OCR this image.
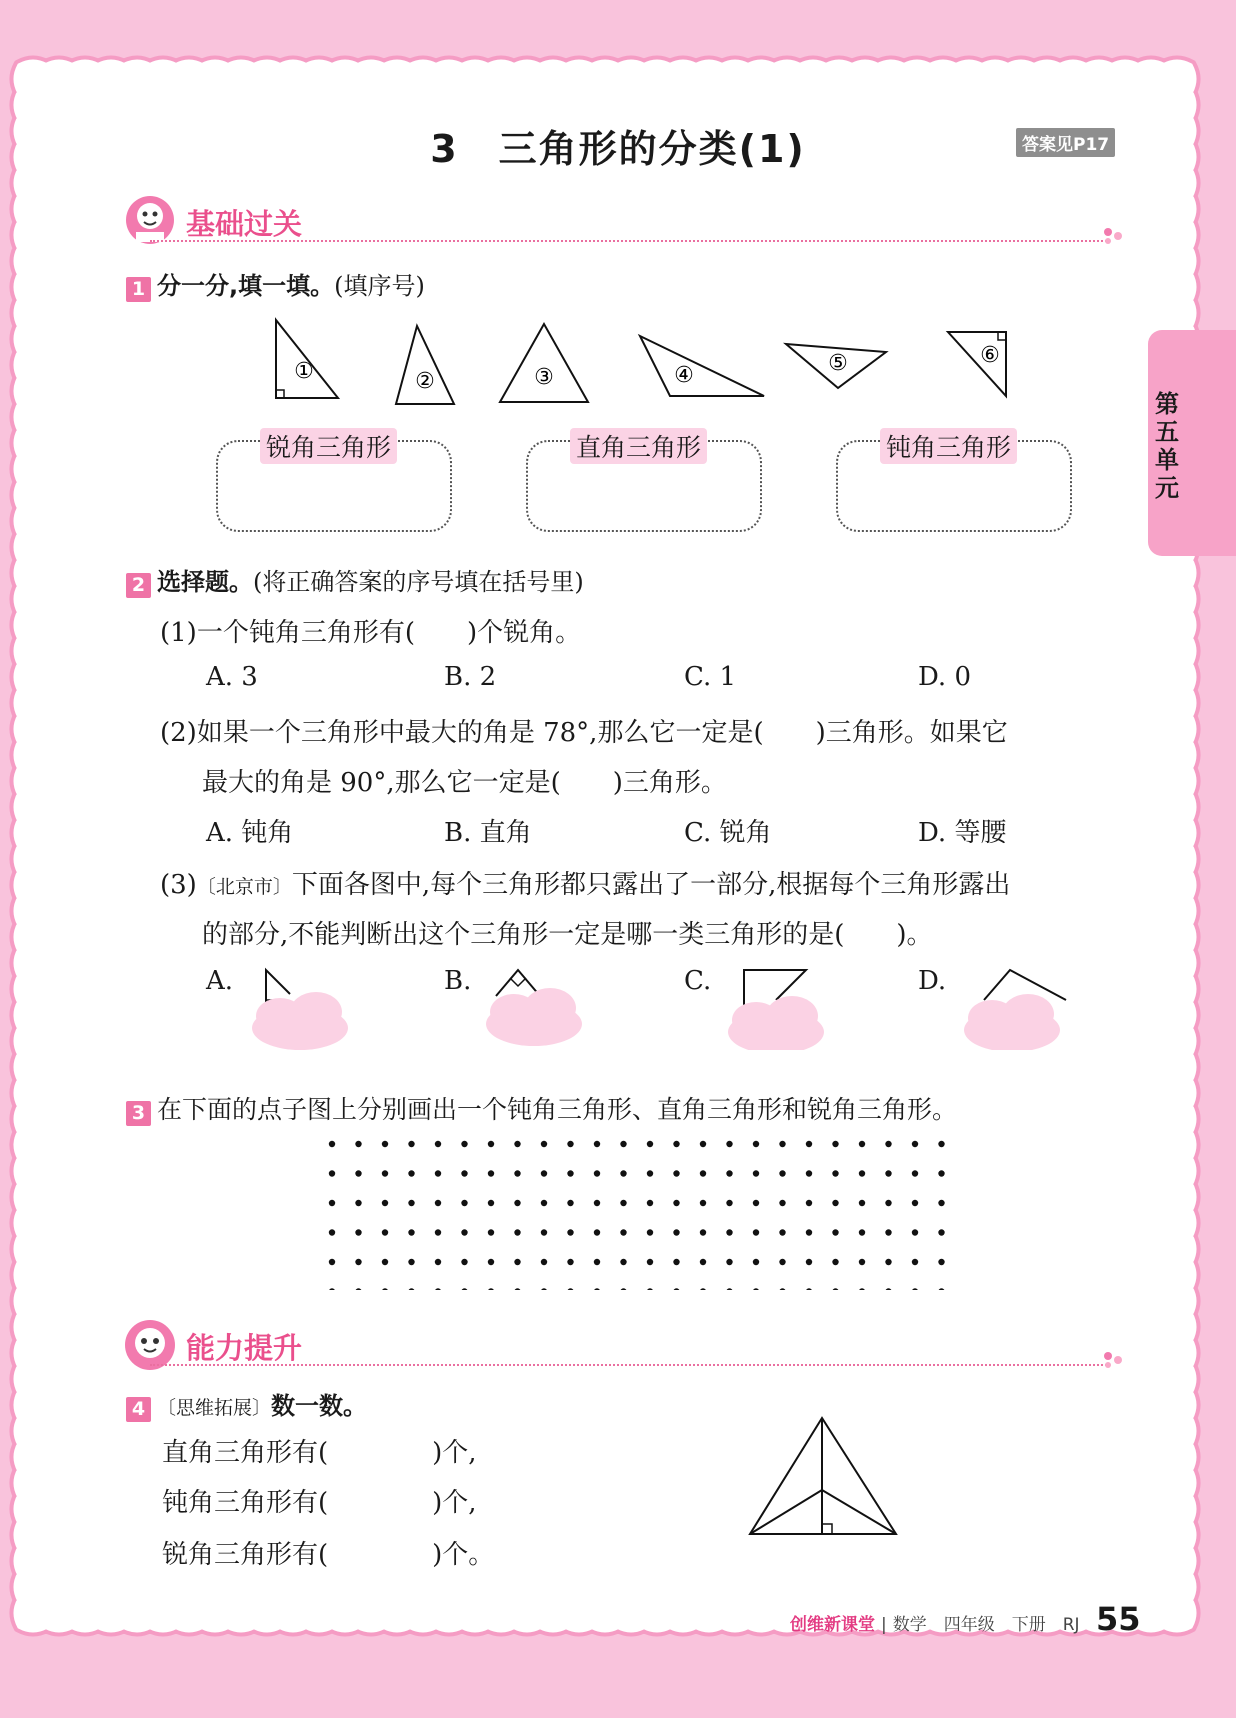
第五单元
3　三角形的分类(1)	答案见P17
基础过关
1 分一分,填一填。(填序号)
①	②	③	④	⑤	⑥
锐角三角形	直角三角形	钝角三角形
2 选择题。(将正确答案的序号填在括号里)
(1)一个钝角三角形有(　　)个锐角。
A. 3	B. 2	C. 1	D. 0
(2)如果一个三角形中最大的角是 78°,那么它一定是(　　)三角形。如果它
最大的角是 90°,那么它一定是(　　)三角形。
A. 钝角	B. 直角	C. 锐角	D. 等腰
(3)〔北京市〕下面各图中,每个三角形都只露出了一部分,根据每个三角形露出
的部分,不能判断出这个三角形一定是哪一类三角形的是(　　)。
A.	B.	C.	D.
3 在下面的点子图上分别画出一个钝角三角形、直角三角形和锐角三角形。
能力提升
4 〔思维拓展〕数一数。
直角三角形有(　　　　)个,
钝角三角形有(　　　　)个,
锐角三角形有(　　　　)个。
创维新课堂 | 数学　四年级　下册　RJ 55
